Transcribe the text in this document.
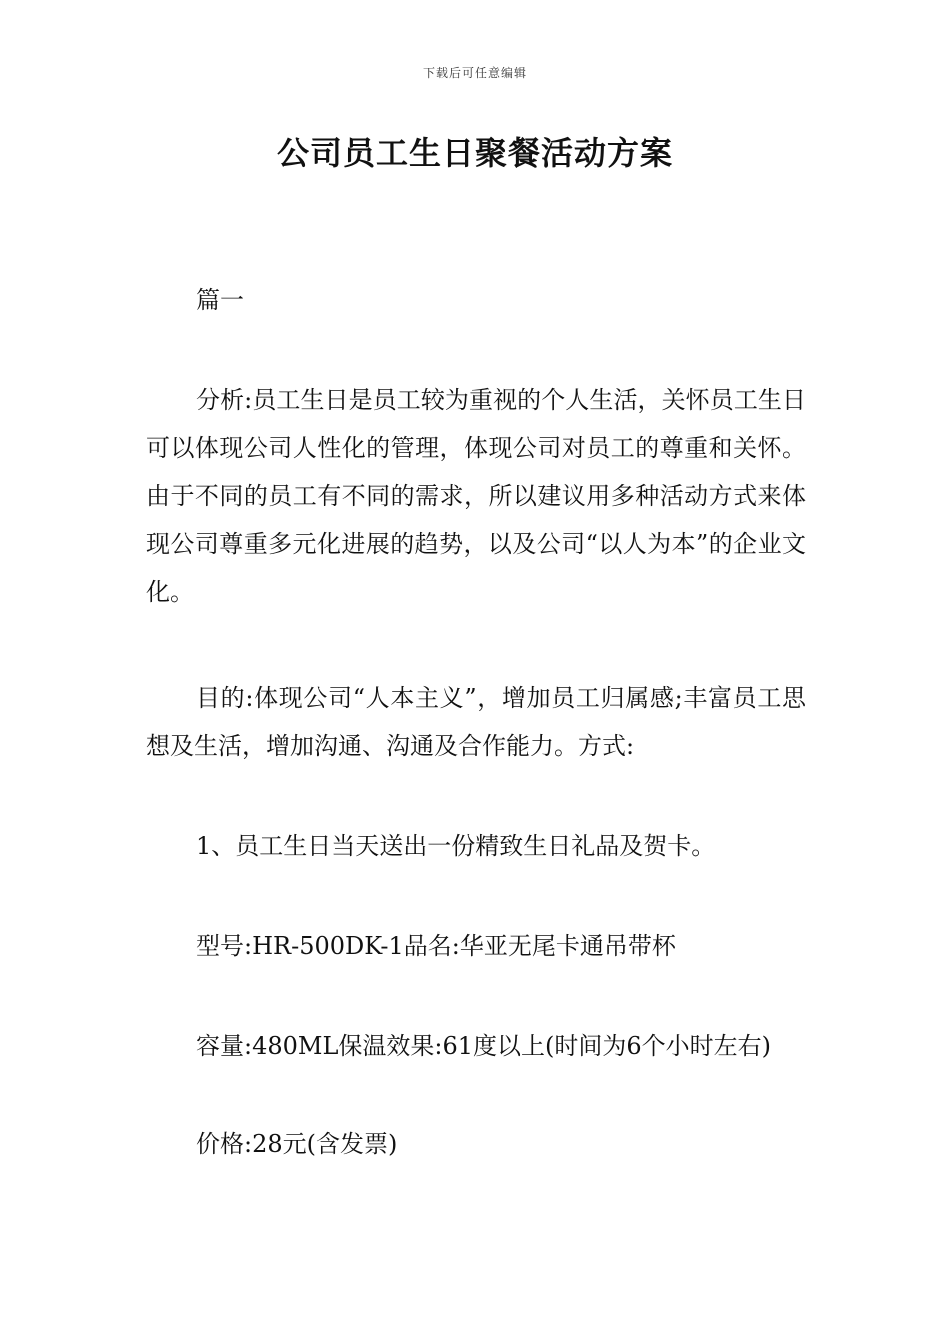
下载后可任意编辑
公司员工生日聚餐活动方案

篇一

分析:员工生日是员工较为重视的个人生活，关怀员工生日可以体现公司人性化的管理，体现公司对员工的尊重和关怀。由于不同的员工有不同的需求，所以建议用多种活动方式来体现公司尊重多元化进展的趋势，以及公司“以人为本”的企业文化。

目的:体现公司“人本主义”，增加员工归属感;丰富员工思想及生活，增加沟通、沟通及合作能力。方式:

1、员工生日当天送出一份精致生日礼品及贺卡。

型号:HR-500DK-1品名:华亚无尾卡通吊带杯

容量:480ML保温效果:61度以上(时间为6个小时左右)

价格:28元(含发票)
